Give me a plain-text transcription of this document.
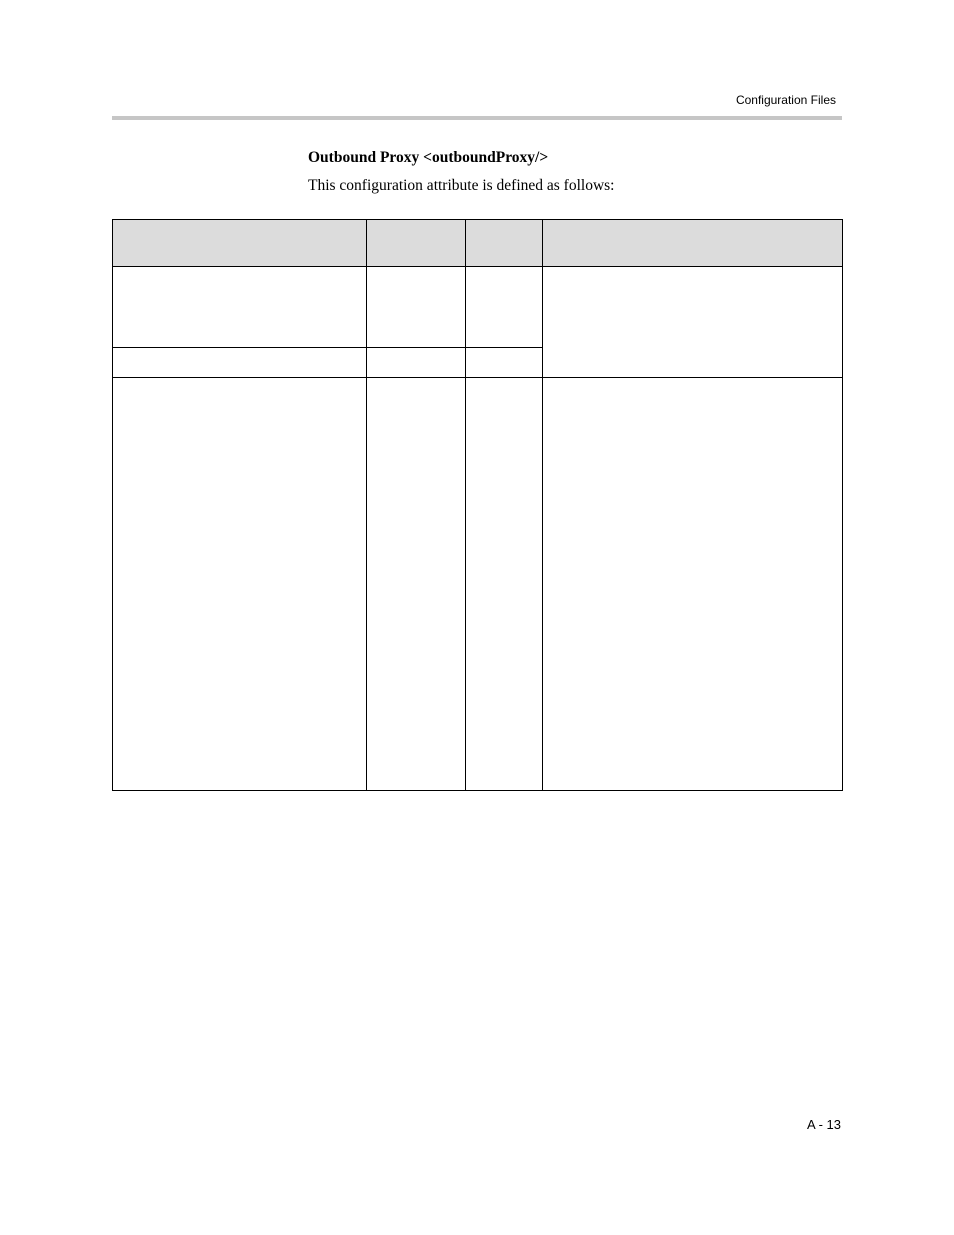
Configuration Files
Outbound Proxy <outboundProxy/>
This configuration attribute is defined as follows:

A - 13
